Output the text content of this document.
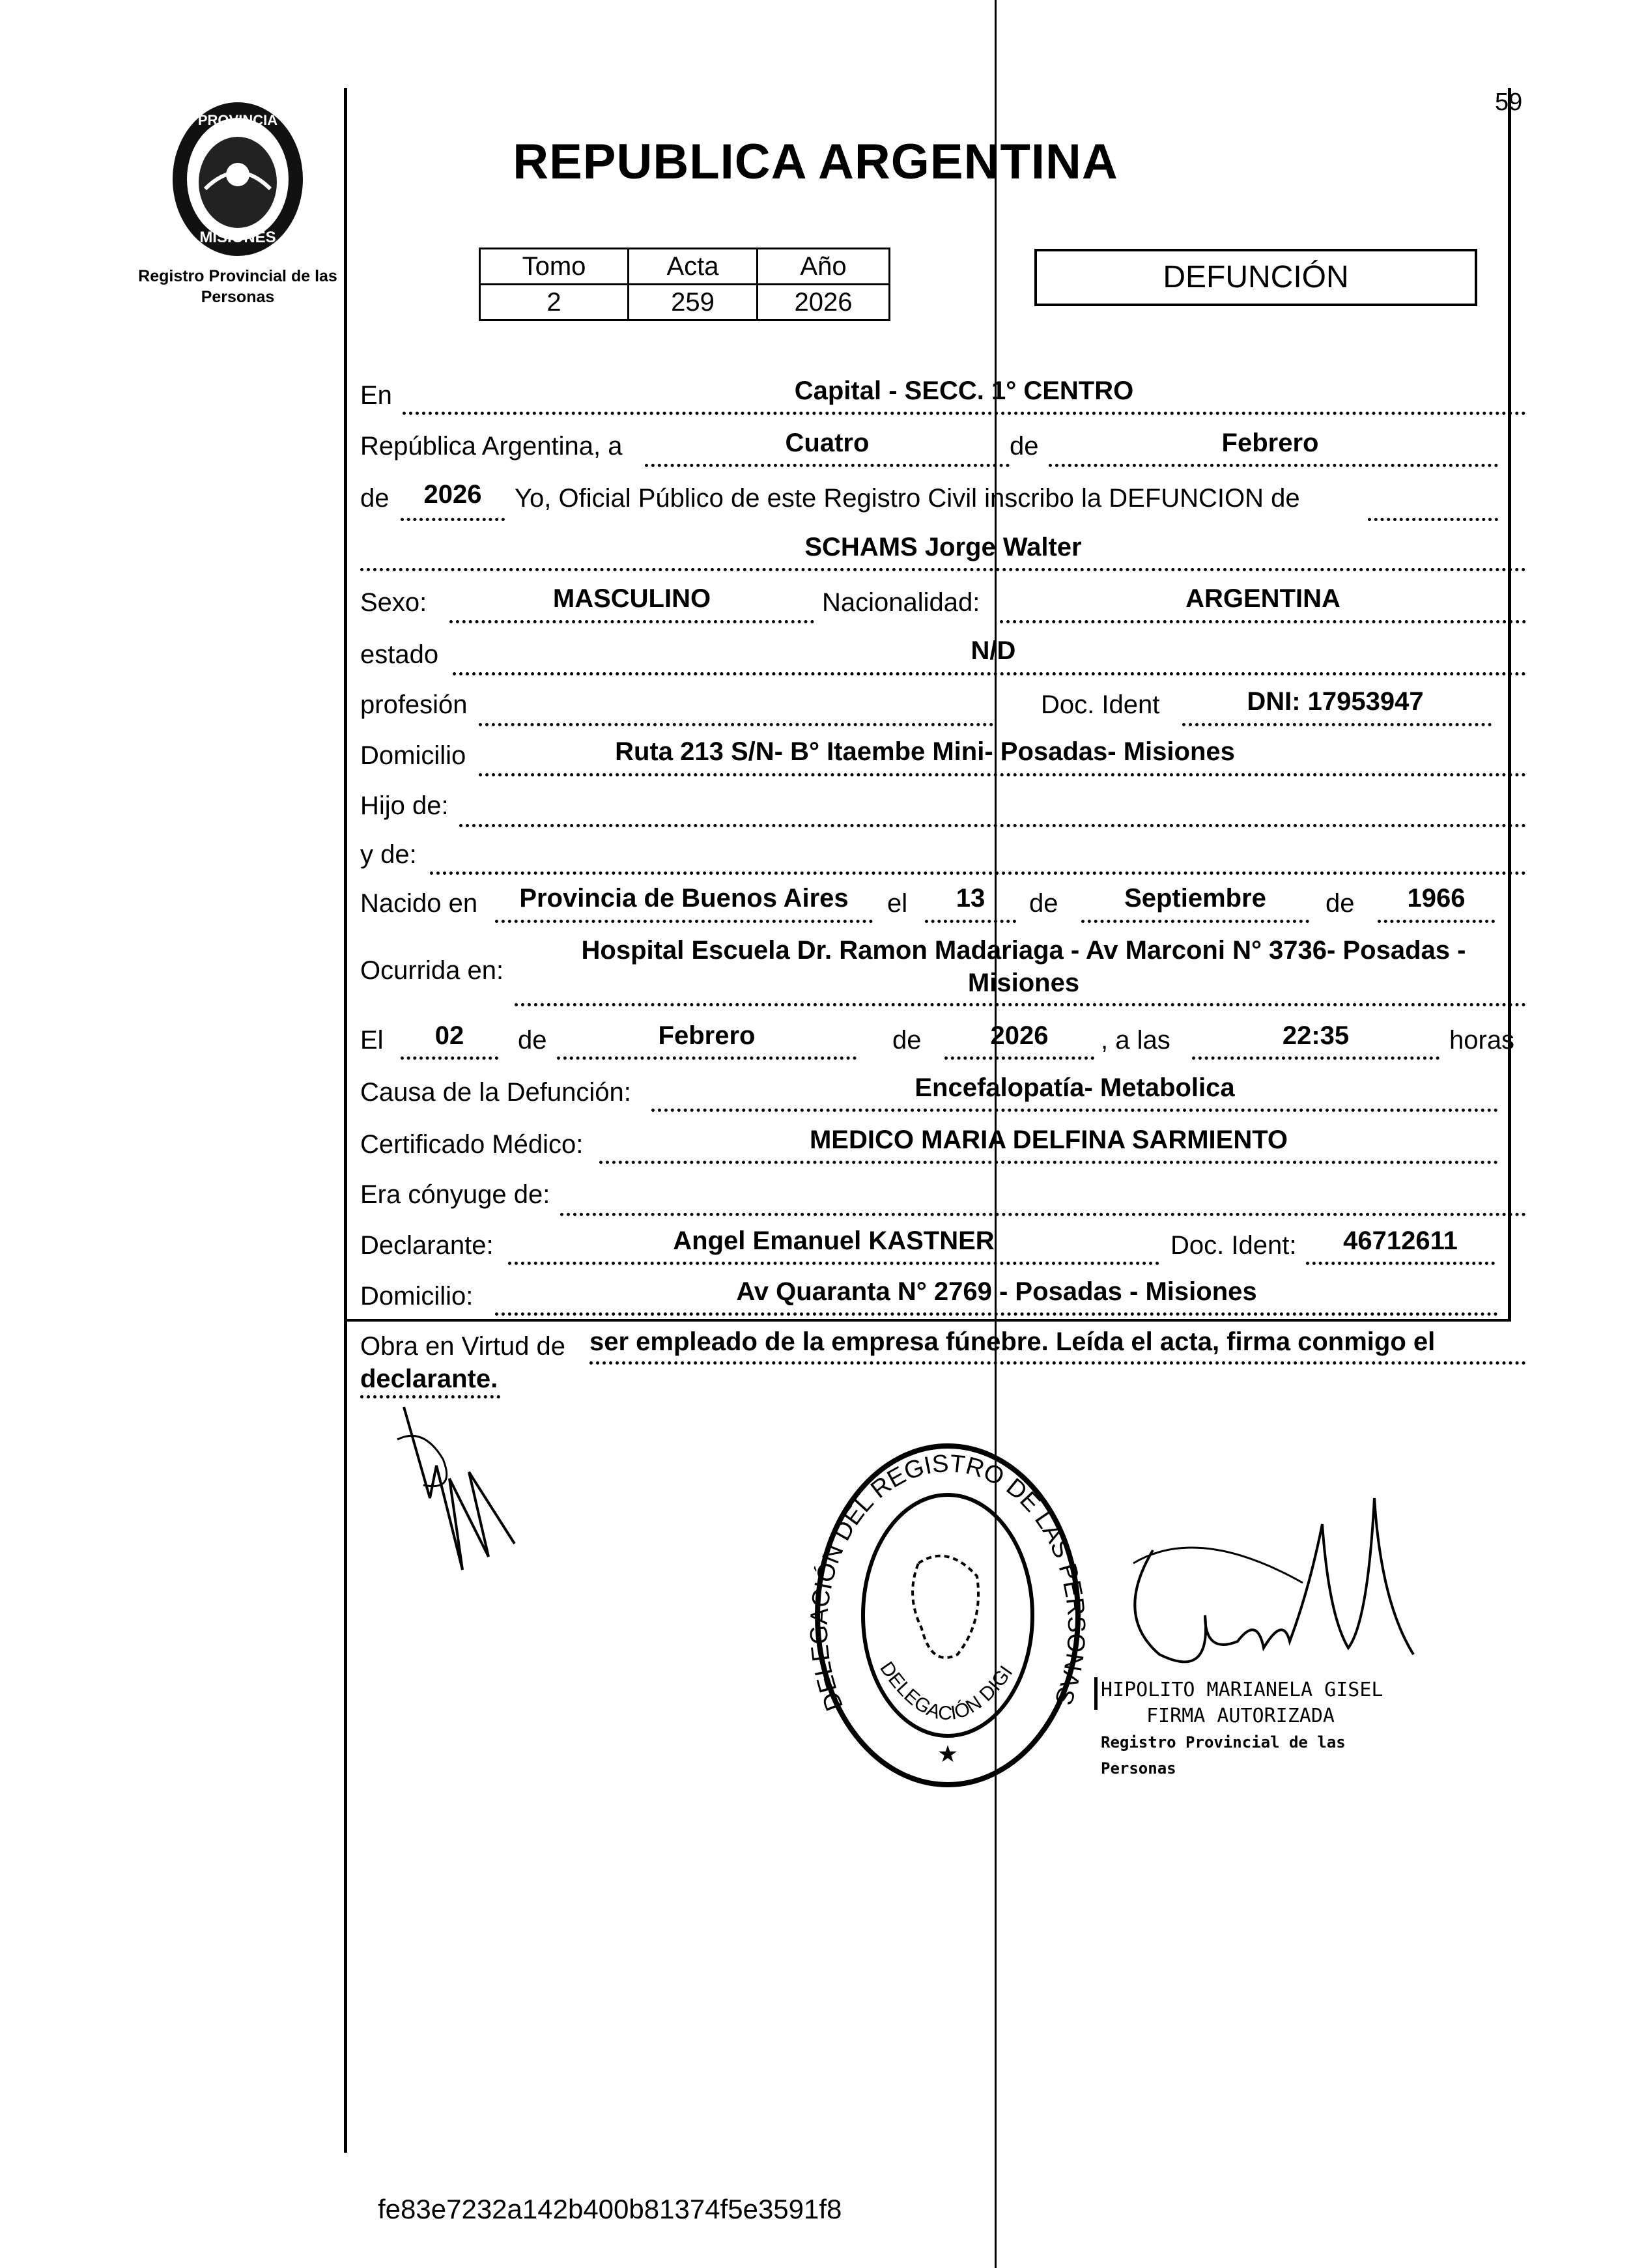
PROVINCIA
MISIONES
Registro Provincial de las Personas
59
REPUBLICA ARGENTINA
Tomo	Acta	Año
2	259	2026
DEFUNCIÓN
En	Capital - SECC. 1° CENTRO
República Argentina, a	Cuatro	de	Febrero
de	2026	Yo, Oficial Público de este Registro Civil inscribo la DEFUNCION de
SCHAMS Jorge Walter
Sexo:	MASCULINO	Nacionalidad:	ARGENTINA
estado	N/D
profesión	Doc. Ident	DNI: 17953947
Domicilio	Ruta 213 S/N- B° Itaembe Mini- Posadas- Misiones
Hijo de:
y de:
Nacido en	Provincia de Buenos Aires	el	13	de	Septiembre	de	1966
Hospital Escuela Dr. Ramon Madariaga - Av Marconi N° 3736- Posadas -
Ocurrida en:	Misiones
El	02	de	Febrero	de	2026	, a las	22:35	horas
Causa de la Defunción:	Encefalopatía- Metabolica
Certificado Médico:	MEDICO MARIA DELFINA SARMIENTO
Era cónyuge de:
Declarante:	Angel Emanuel KASTNER	Doc. Ident:	46712611
Domicilio:	Av Quaranta N° 2769 - Posadas - Misiones
Obra en Virtud de ser empleado de la empresa fúnebre. Leída el acta, firma conmigo el
declarante.
DELEGACIÓN DEL REGISTRO DE LAS PERSONAS
DELEGACIÓN DIGI
★
HIPOLITO MARIANELA GISEL
FIRMA AUTORIZADA
Registro Provincial de las Personas
fe83e7232a142b400b81374f5e3591f8
